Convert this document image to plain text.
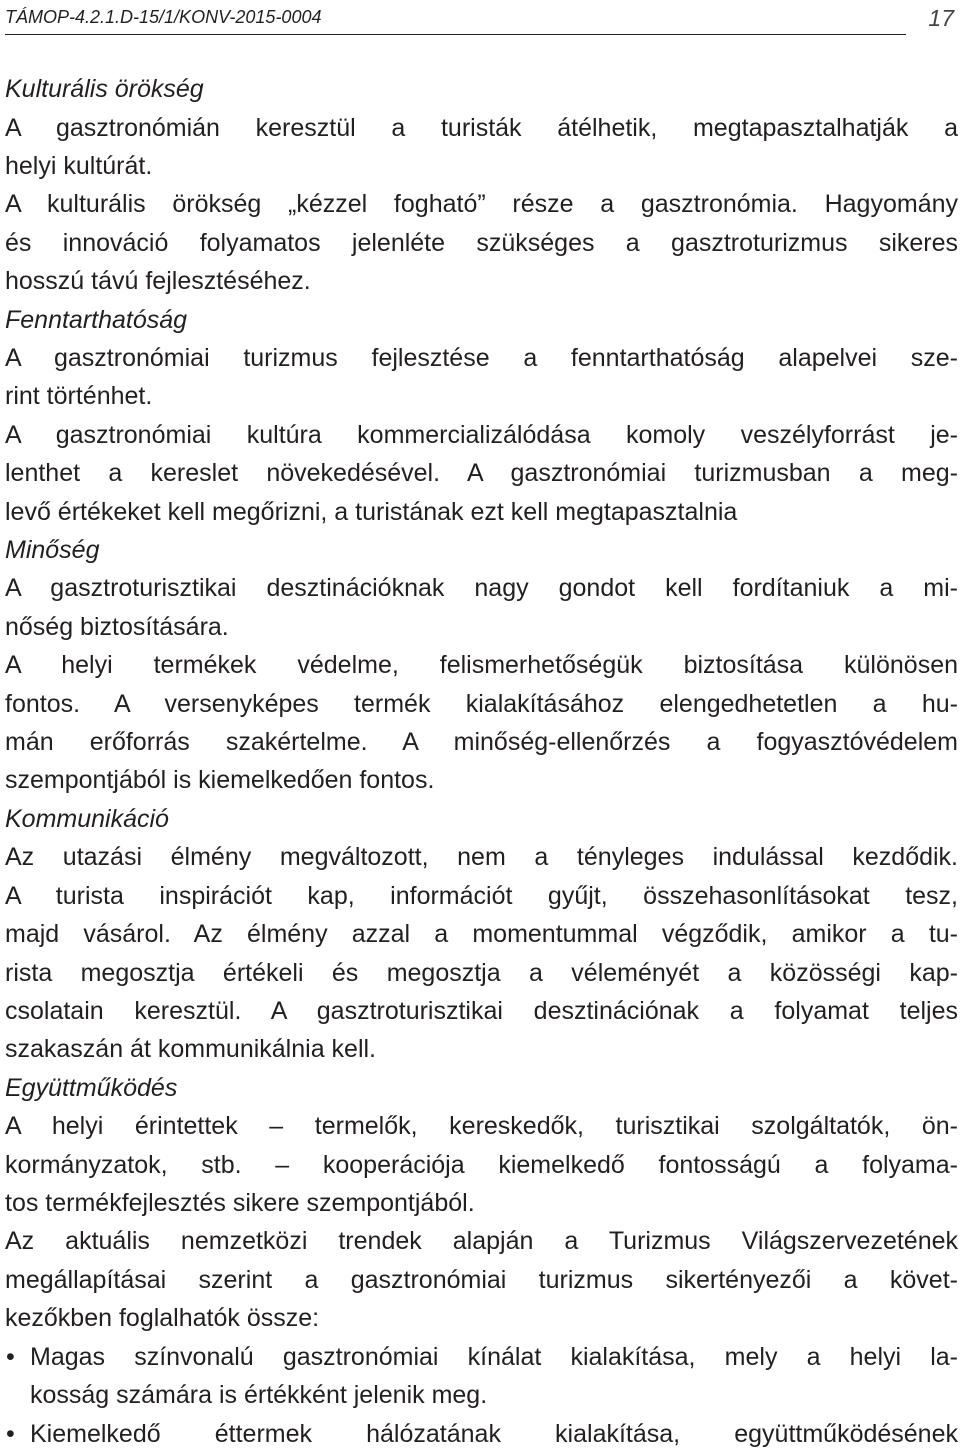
TÁMOP-4.2.1.D-15/1/KONV-2015-0004	17
Kulturális örökség
A gasztronómián keresztül a turisták átélhetik, megtapasztalhatják a
helyi kultúrát.
A kulturális örökség „kézzel fogható” része a gasztronómia. Hagyomány
és innováció folyamatos jelenléte szükséges a gasztroturizmus sikeres
hosszú távú fejlesztéséhez.
Fenntarthatóság
A gasztronómiai turizmus fejlesztése a fenntarthatóság alapelvei sze-
rint történhet.
A gasztronómiai kultúra kommercializálódása komoly veszélyforrást je-
lenthet a kereslet növekedésével. A gasztronómiai turizmusban a meg-
levő értékeket kell megőrizni, a turistának ezt kell megtapasztalnia
Minőség
A gasztroturisztikai desztinációknak nagy gondot kell fordítaniuk a mi-
nőség biztosítására.
A helyi termékek védelme, felismerhetőségük biztosítása különösen
fontos. A versenyképes termék kialakításához elengedhetetlen a hu-
mán erőforrás szakértelme. A minőség-ellenőrzés a fogyasztóvédelem
szempontjából is kiemelkedően fontos.
Kommunikáció
Az utazási élmény megváltozott, nem a tényleges indulással kezdődik.
A turista inspirációt kap, információt gyűjt, összehasonlításokat tesz,
majd vásárol. Az élmény azzal a momentummal végződik, amikor a tu-
rista megosztja értékeli és megosztja a véleményét a közösségi kap-
csolatain keresztül. A gasztroturisztikai desztinációnak a folyamat teljes
szakaszán át kommunikálnia kell.
Együttműködés
A helyi érintettek – termelők, kereskedők, turisztikai szolgáltatók, ön-
kormányzatok, stb. – kooperációja kiemelkedő fontosságú a folyama-
tos termékfejlesztés sikere szempontjából.
Az aktuális nemzetközi trendek alapján a Turizmus Világszervezetének
megállapításai szerint a gasztronómiai turizmus sikertényezői a követ-
kezőkben foglalhatók össze:
• Magas színvonalú gasztronómiai kínálat kialakítása, mely a helyi la-
kosság számára is értékként jelenik meg.
• Kiemelkedő éttermek hálózatának kialakítása, együttműködésének
